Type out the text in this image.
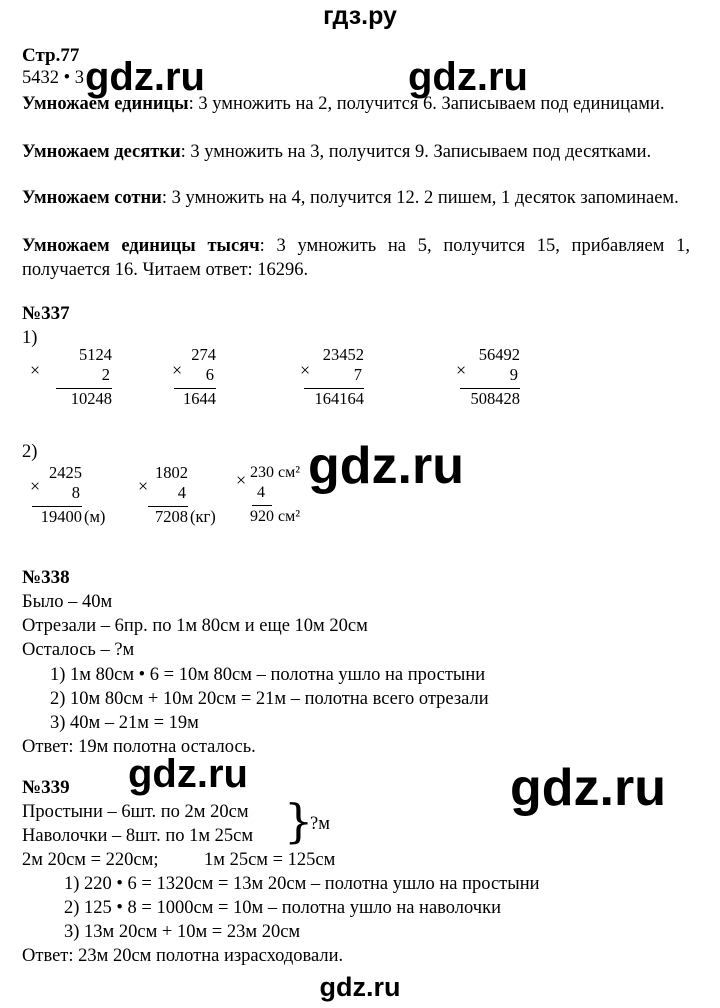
гдз.ру
gdz.ru
Стр.77
5432 • 3 gdz.ru	gdz.ru
gdz.ru
gdz.ru	gdz.ru
Умножаем единицы: 3 умножить на 2, получится 6. Записываем под единицами.
Умножаем десятки: 3 умножить на 3, получится 9. Записываем под десятками.
Умножаем сотни: 3 умножить на 4, получится 12. 2 пишем, 1 десяток запоминаем.
Умножаем единицы тысяч: 3 умножить на 5, получится 15, прибавляем 1, получается 16. Читаем ответ: 16296.
№337
1)
×
5124
2
10248
×
274
6
1644
×
23452
7
164164
×
56492
9
508428
2)
×
2425
8
19400 (м)
×
1802
4
7208 (кг)
× 230 см²
4
920 см²
№338
Было – 40м
Отрезали – 6пр. по 1м 80см и еще 10м 20см
Осталось – ?м
1) 1м 80см • 6 = 10м 80см – полотна ушло на простыни
2) 10м 80см + 10м 20см = 21м – полотна всего отрезали
3) 40м – 21м = 19м
Ответ: 19м полотна осталось.
№339
Простыни – 6шт. по 2м 20см
Наволочки – 8шт. по 1м 25см }
?м
2м 20см = 220см; 1м 25см = 125см
1) 220 • 6 = 1320см = 13м 20см – полотна ушло на простыни
2) 125 • 8 = 1000см = 10м – полотна ушло на наволочки
3) 13м 20см + 10м = 23м 20см
Ответ: 23м 20см полотна израсходовали.
